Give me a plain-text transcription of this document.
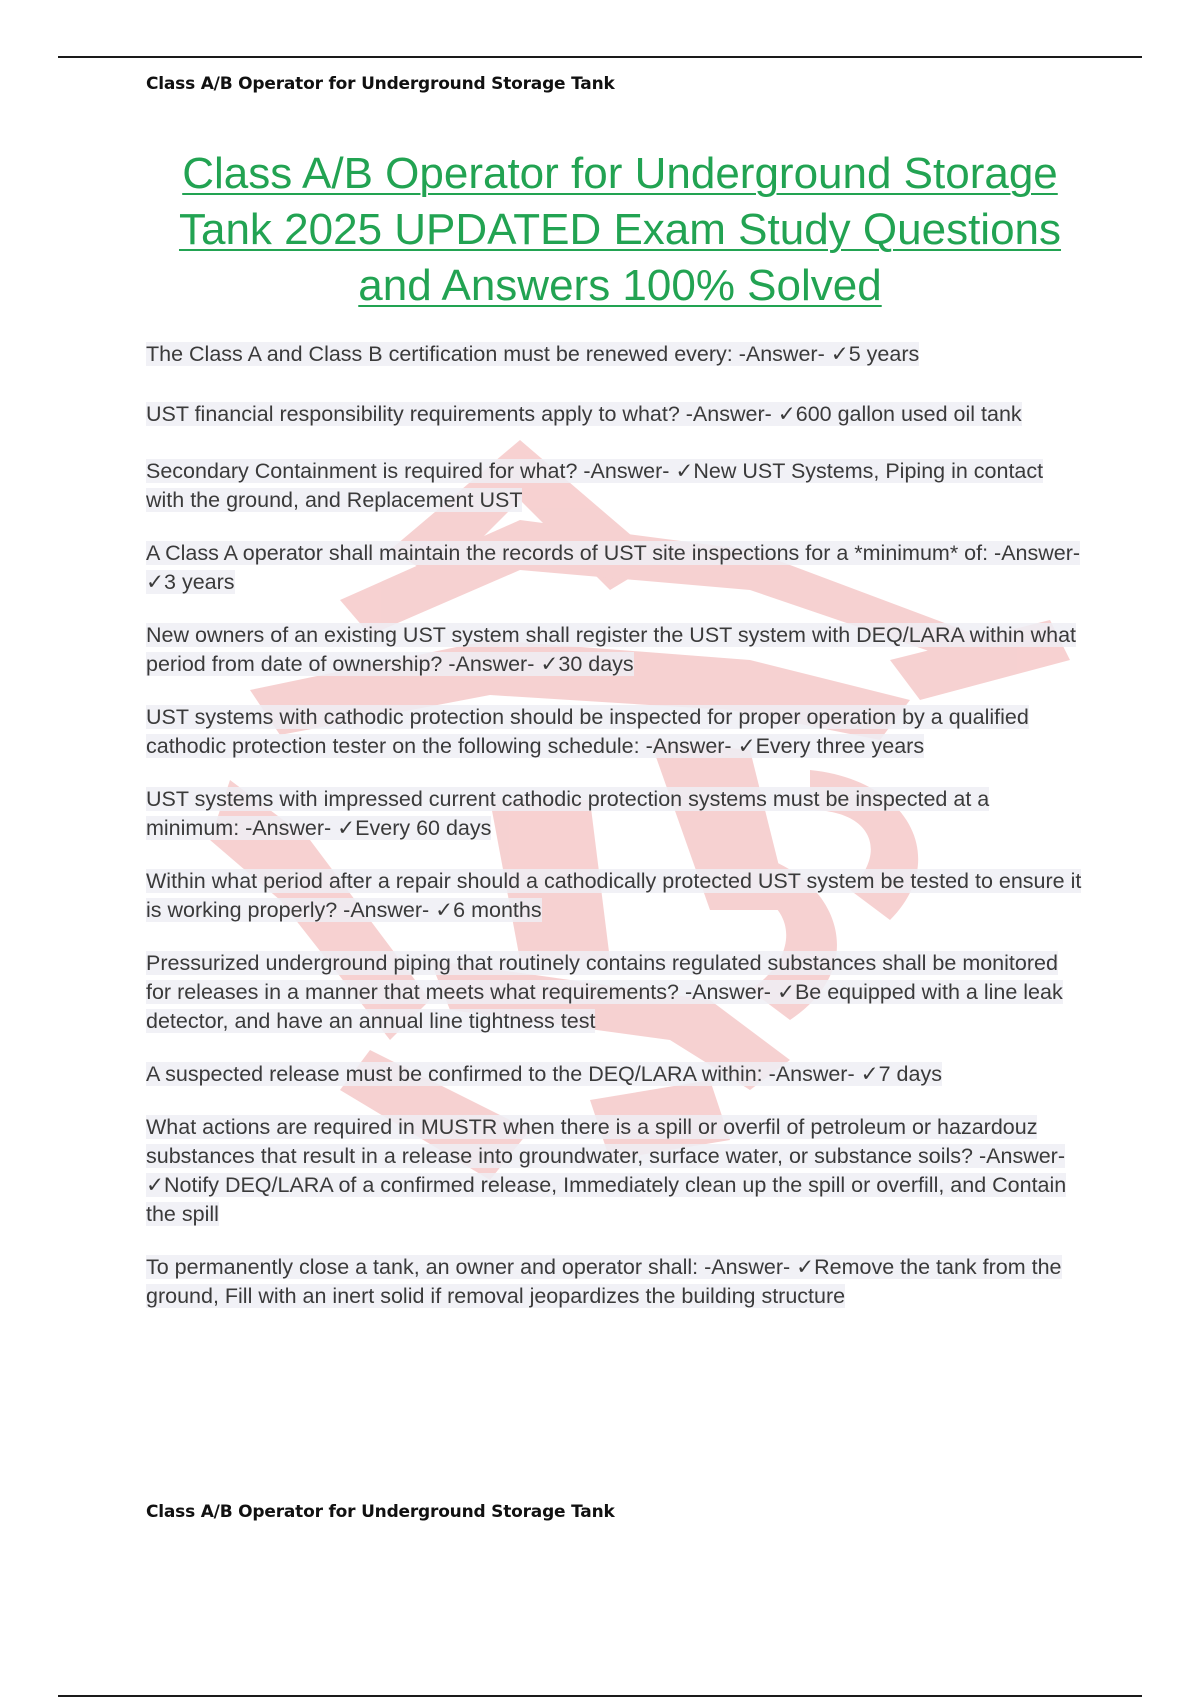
Class A/B Operator for Underground Storage Tank
Class A/B Operator for Underground Storage Tank 2025 UPDATED Exam Study Questions and Answers 100% Solved
The Class A and Class B certification must be renewed every: -Answer- ✓5 years
UST financial responsibility requirements apply to what? -Answer- ✓600 gallon used oil tank
Secondary Containment is required for what? -Answer- ✓New UST Systems, Piping in contact with the ground, and Replacement UST
A Class A operator shall maintain the records of UST site inspections for a *minimum* of: -Answer- ✓3 years
New owners of an existing UST system shall register the UST system with DEQ/LARA within what period from date of ownership? -Answer- ✓30 days
UST systems with cathodic protection should be inspected for proper operation by a qualified cathodic protection tester on the following schedule: -Answer- ✓Every three years
UST systems with impressed current cathodic protection systems must be inspected at a minimum: -Answer- ✓Every 60 days
Within what period after a repair should a cathodically protected UST system be tested to ensure it is working properly? -Answer- ✓6 months
Pressurized underground piping that routinely contains regulated substances shall be monitored for releases in a manner that meets what requirements? -Answer- ✓Be equipped with a line leak detector, and have an annual line tightness test
A suspected release must be confirmed to the DEQ/LARA within: -Answer- ✓7 days
What actions are required in MUSTR when there is a spill or overfil of petroleum or hazardouz substances that result in a release into groundwater, surface water, or substance soils? -Answer- ✓Notify DEQ/LARA of a confirmed release, Immediately clean up the spill or overfill, and Contain the spill
To permanently close a tank, an owner and operator shall: -Answer- ✓Remove the tank from the ground, Fill with an inert solid if removal jeopardizes the building structure
Class A/B Operator for Underground Storage Tank
